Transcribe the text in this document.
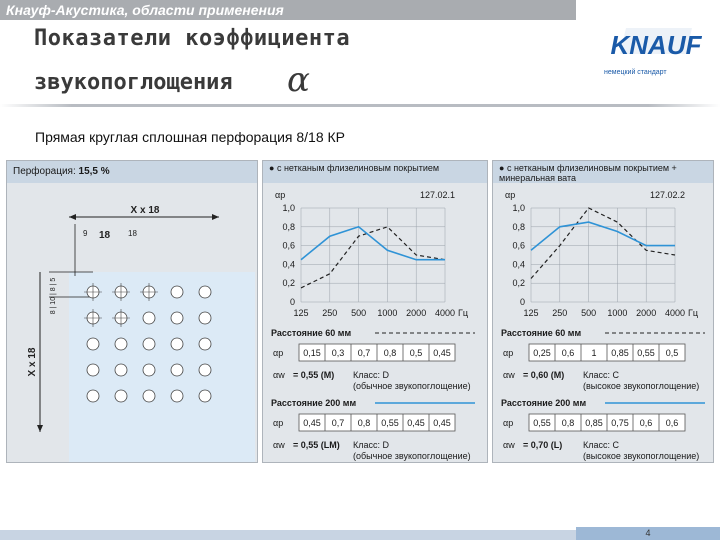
Кнауф-Акустика, области применения
Показатели коэффициента
звукопоглощения α
Прямая круглая сплошная перфорация 8/18 КР
KNAUF
немецкий стандарт
Перфорация: 15,5 %
X x 18
9 18 18
X x 18
8 | 10 | 8 | 5
● с нетканым флизелиновым покрытием
αp	127.02.1
1,0
0,8
0,6
0,4
0,2
0
125 250 500 1000 2000 4000 Гц
Расстояние 60 мм
αp 0,15 0,3 0,7 0,8 0,5 0,45
αw = 0,55 (M) Класс: D (обычное звукопоглощение)
Расстояние 200 мм
αp 0,45 0,7 0,8 0,55 0,45 0,45
αw = 0,55 (LM) Класс: D (обычное звукопоглощение)
● с нетканым флизелиновым покрытием + минеральная вата
αp	127.02.2
1,0
0,8
0,6
0,4
0,2
0
125 250 500 1000 2000 4000 Гц
Расстояние 60 мм
αp 0,25 0,6 1 0,85 0,55 0,5
αw = 0,60 (M) Класс: С (высокое звукопоглощение)
Расстояние 200 мм
αp 0,55 0,8 0,85 0,75 0,6 0,6
αw = 0,70 (L) Класс: С (высокое звукопоглощение)
4
